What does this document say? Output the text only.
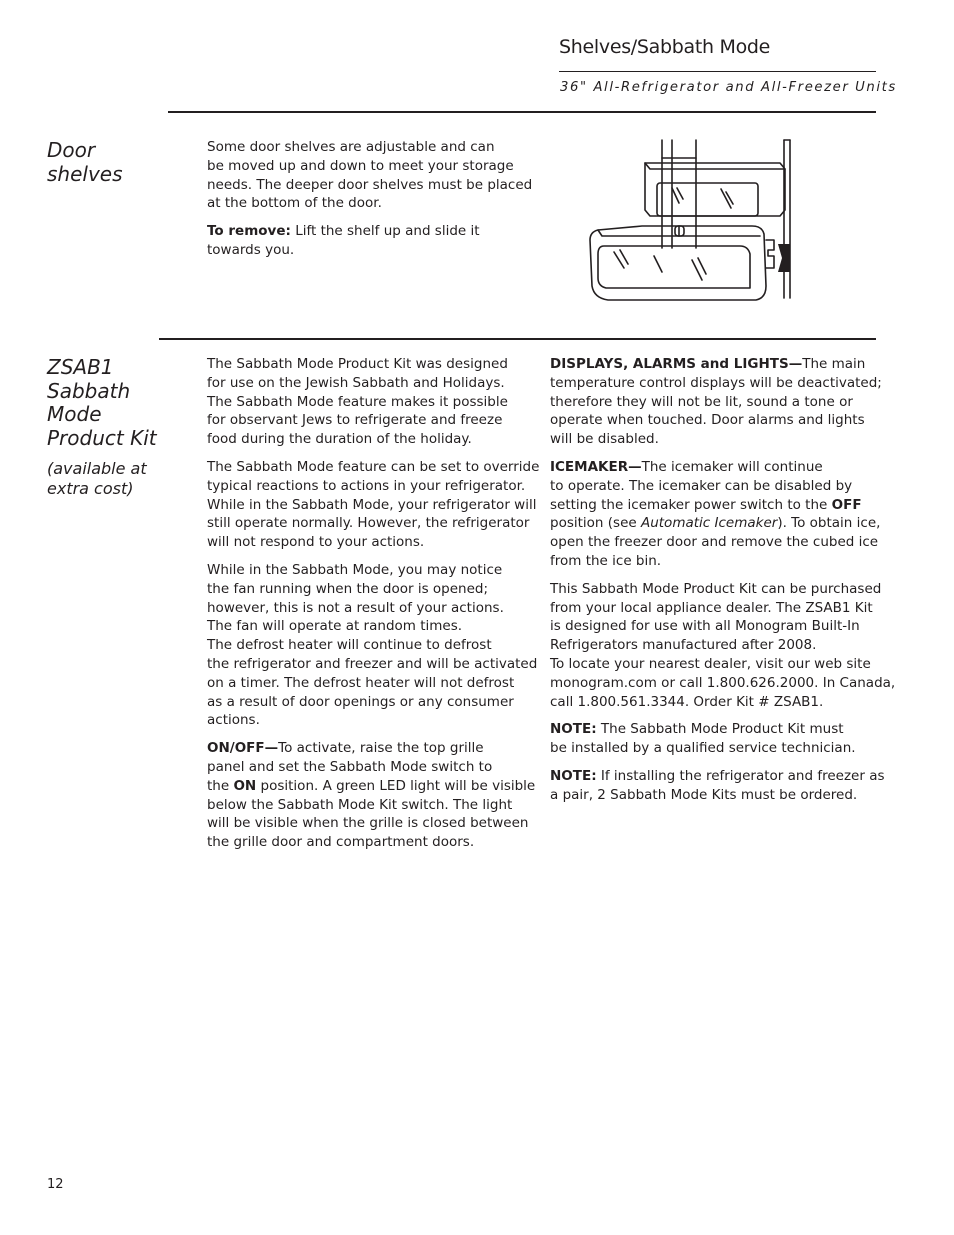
Shelves/Sabbath Mode
36" All-Refrigerator and All-Freezer Units
Door
shelves

Some door shelves are adjustable and can
be moved up and down to meet your storage
needs. The deeper door shelves must be placed
at the bottom of the door.

To remove: Lift the shelf up and slide it
towards you.

ZSAB1
Sabbath
Mode
Product Kit
(available at
extra cost)

The Sabbath Mode Product Kit was designed
for use on the Jewish Sabbath and Holidays.
The Sabbath Mode feature makes it possible
for observant Jews to refrigerate and freeze
food during the duration of the holiday.

The Sabbath Mode feature can be set to override
typical reactions to actions in your refrigerator.
While in the Sabbath Mode, your refrigerator will
still operate normally. However, the refrigerator
will not respond to your actions.

While in the Sabbath Mode, you may notice
the fan running when the door is opened;
however, this is not a result of your actions.
The fan will operate at random times.
The defrost heater will continue to defrost
the refrigerator and freezer and will be activated
on a timer. The defrost heater will not defrost
as a result of door openings or any consumer
actions.

ON/OFF—To activate, raise the top grille
panel and set the Sabbath Mode switch to
the ON position. A green LED light will be visible
below the Sabbath Mode Kit switch. The light
will be visible when the grille is closed between
the grille door and compartment doors.

DISPLAYS, ALARMS and LIGHTS—The main
temperature control displays will be deactivated;
therefore they will not be lit, sound a tone or
operate when touched. Door alarms and lights
will be disabled.

ICEMAKER—The icemaker will continue
to operate. The icemaker can be disabled by
setting the icemaker power switch to the OFF
position (see Automatic Icemaker). To obtain ice,
open the freezer door and remove the cubed ice
from the ice bin.

This Sabbath Mode Product Kit can be purchased
from your local appliance dealer. The ZSAB1 Kit
is designed for use with all Monogram Built-In
Refrigerators manufactured after 2008.
To locate your nearest dealer, visit our web site
monogram.com or call 1.800.626.2000. In Canada,
call 1.800.561.3344. Order Kit # ZSAB1.

NOTE: The Sabbath Mode Product Kit must
be installed by a qualified service technician.

NOTE: If installing the refrigerator and freezer as
a pair, 2 Sabbath Mode Kits must be ordered.

12
